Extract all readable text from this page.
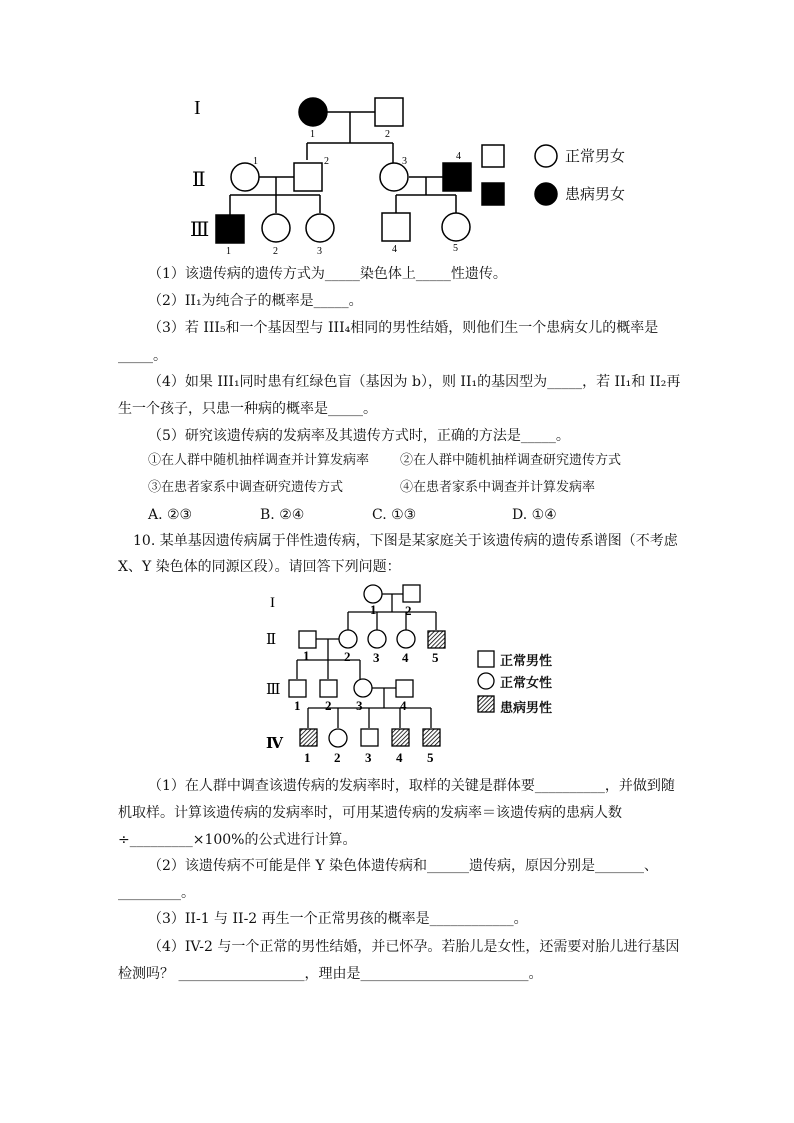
I
Ⅱ
Ⅲ
1	2
1	2	3	4
1	2	3	4	5
正常男女
患病男女
（1）该遗传病的遗传方式为_____染色体上_____性遗传。
（2）II₁为纯合子的概率是_____。
（3）若 III₅和一个基因型与 III₄相同的男性结婚，则他们生一个患病女儿的概率是
_____。
（4）如果 III₁同时患有红绿色盲（基因为 b），则 II₁的基因型为_____，若 II₁和 II₂再
生一个孩子，只患一种病的概率是_____。
（5）研究该遗传病的发病率及其遗传方式时，正确的方法是_____。
①在人群中随机抽样调查并计算发病率 ②在人群中随机抽样调查研究遗传方式
③在患者家系中调查研究遗传方式	④在患者家系中调查并计算发病率
A. ②③	B. ②④	C. ①③	D. ①④
10. 某单基因遗传病属于伴性遗传病，下图是某家庭关于该遗传病的遗传系谱图（不考虑
X、Y 染色体的同源区段）。请回答下列问题：
I
Ⅱ
Ⅲ
Ⅳ
1 2
1	2 3 4 5
1 2 3	4
1 2 3 4 5
正常男性
正常女性
患病男性
（1）在人群中调查该遗传病的发病率时，取样的关键是群体要__________，并做到随
机取样。计算该遗传病的发病率时，可用某遗传病的发病率＝该遗传病的患病人数
÷_________×100%的公式进行计算。
（2）该遗传病不可能是伴 Y 染色体遗传病和______遗传病，原因分别是_______、
_________。
（3）II-1 与 II-2 再生一个正常男孩的概率是____________。
（4）IV-2 与一个正常的男性结婚，并已怀孕。若胎儿是女性，还需要对胎儿进行基因
检测吗？ __________________，理由是________________________。
